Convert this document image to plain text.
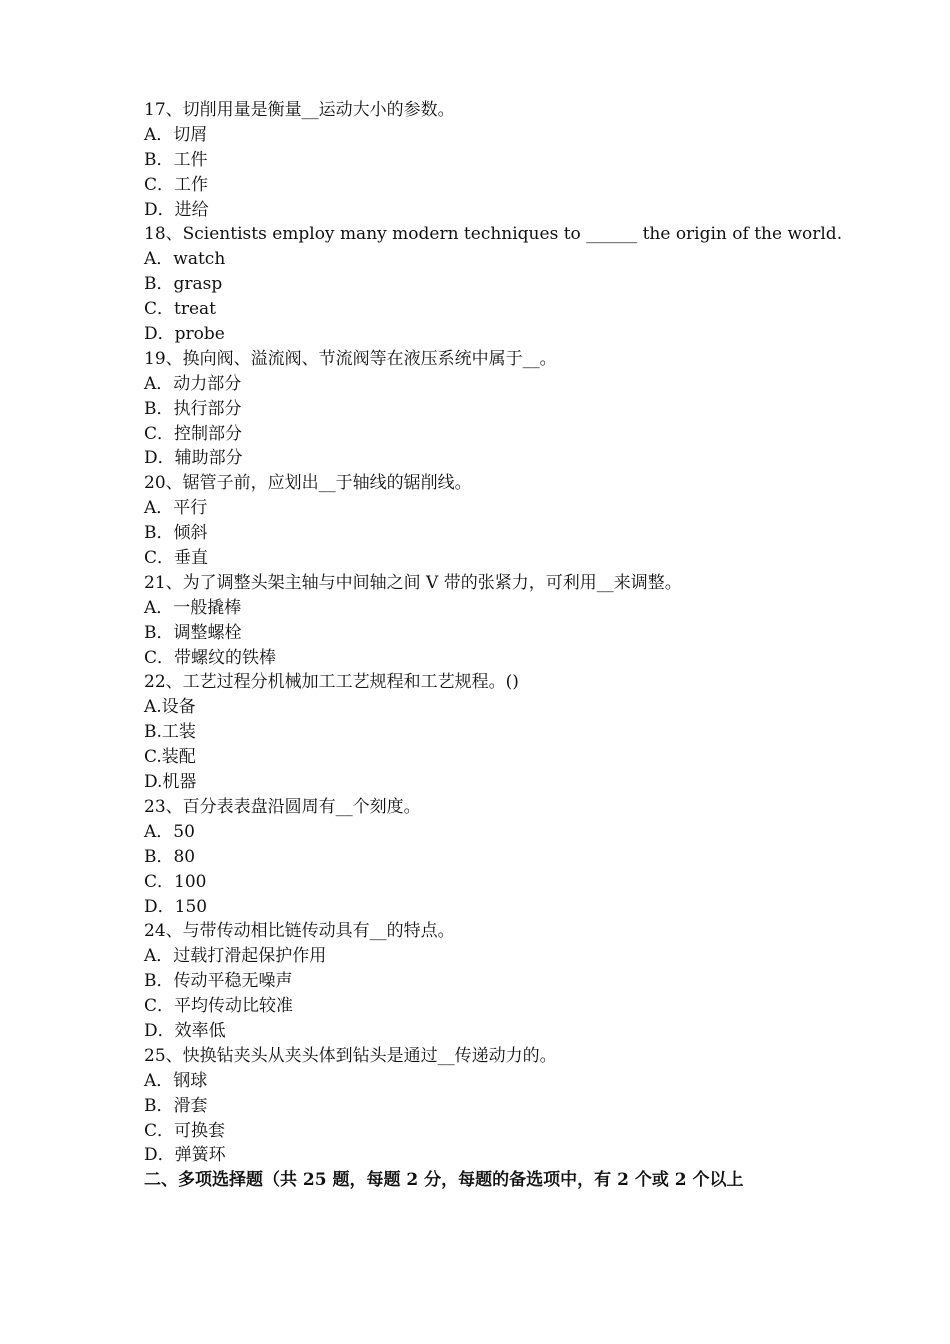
17、切削用量是衡量__运动大小的参数。
A．切屑
B．工件
C．工作
D．进给
18、Scientists employ many modern techniques to ______ the origin of the world.
A．watch
B．grasp
C．treat
D．probe
19、换向阀、溢流阀、节流阀等在液压系统中属于__。
A．动力部分
B．执行部分
C．控制部分
D．辅助部分
20、锯管子前，应划出__于轴线的锯削线。
A．平行
B．倾斜
C．垂直
21、为了调整头架主轴与中间轴之间 V 带的张紧力，可利用__来调整。
A．一般撬棒
B．调整螺栓
C．带螺纹的铁棒
22、工艺过程分机械加工工艺规程和工艺规程。()
A.设备
B.工装
C.装配
D.机器
23、百分表表盘沿圆周有__个刻度。
A．50
B．80
C．100
D．150
24、与带传动相比链传动具有__的特点。
A．过载打滑起保护作用
B．传动平稳无噪声
C．平均传动比较准
D．效率低
25、快换钻夹头从夹头体到钻头是通过__传递动力的。
A．钢球
B．滑套
C．可换套
D．弹簧环
二、多项选择题（共 25 题，每题 2 分，每题的备选项中，有 2 个或 2 个以上
